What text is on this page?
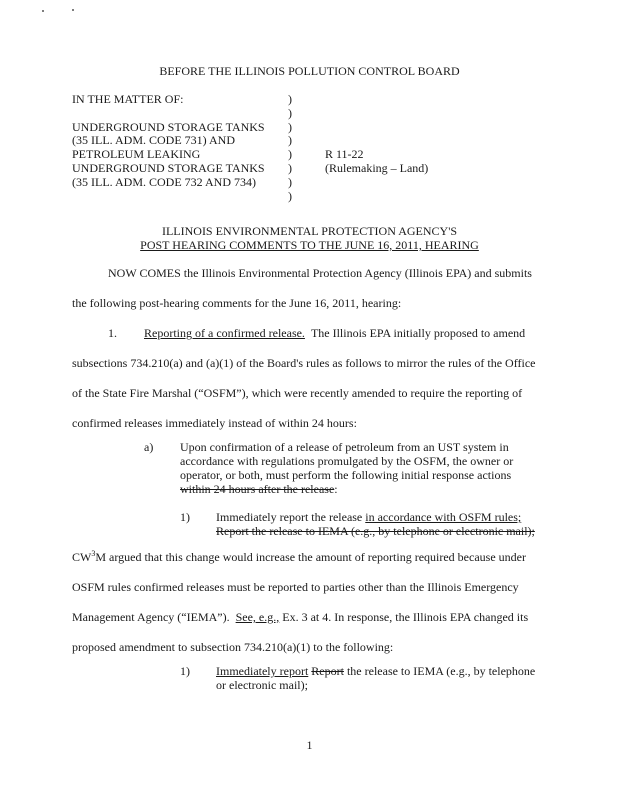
BEFORE THE ILLINOIS POLLUTION CONTROL BOARD
IN THE MATTER OF:
UNDERGROUND STORAGE TANKS
(35 ILL. ADM. CODE 731) AND
PETROLEUM LEAKING
UNDERGROUND STORAGE TANKS
(35 ILL. ADM. CODE 732 AND 734)
)
)
)
)
)
)
)
)
R 11-22
(Rulemaking – Land)
ILLINOIS ENVIRONMENTAL PROTECTION AGENCY'S
POST HEARING COMMENTS TO THE JUNE 16, 2011, HEARING
NOW COMES the Illinois Environmental Protection Agency (Illinois EPA) and submits
the following post-hearing comments for the June 16, 2011, hearing:
1. Reporting of a confirmed release. The Illinois EPA initially proposed to amend
subsections 734.210(a) and (a)(1) of the Board's rules as follows to mirror the rules of the Office
of the State Fire Marshal (“OSFM”), which were recently amended to require the reporting of
confirmed releases immediately instead of within 24 hours:
a) Upon confirmation of a release of petroleum from an UST system in
accordance with regulations promulgated by the OSFM, the owner or
operator, or both, must perform the following initial response actions
within 24 hours after the release:
1) Immediately report the release in accordance with OSFM rules;
Report the release to IEMA (e.g., by telephone or electronic mail);
$CW^3M$ argued that this change would increase the amount of reporting required because under
OSFM rules confirmed releases must be reported to parties other than the Illinois Emergency
Management Agency (“IEMA”). See, e.g., Ex. 3 at 4. In response, the Illinois EPA changed its
proposed amendment to subsection 734.210(a)(1) to the following:
1) Immediately report Report the release to IEMA (e.g., by telephone
or electronic mail);
1
